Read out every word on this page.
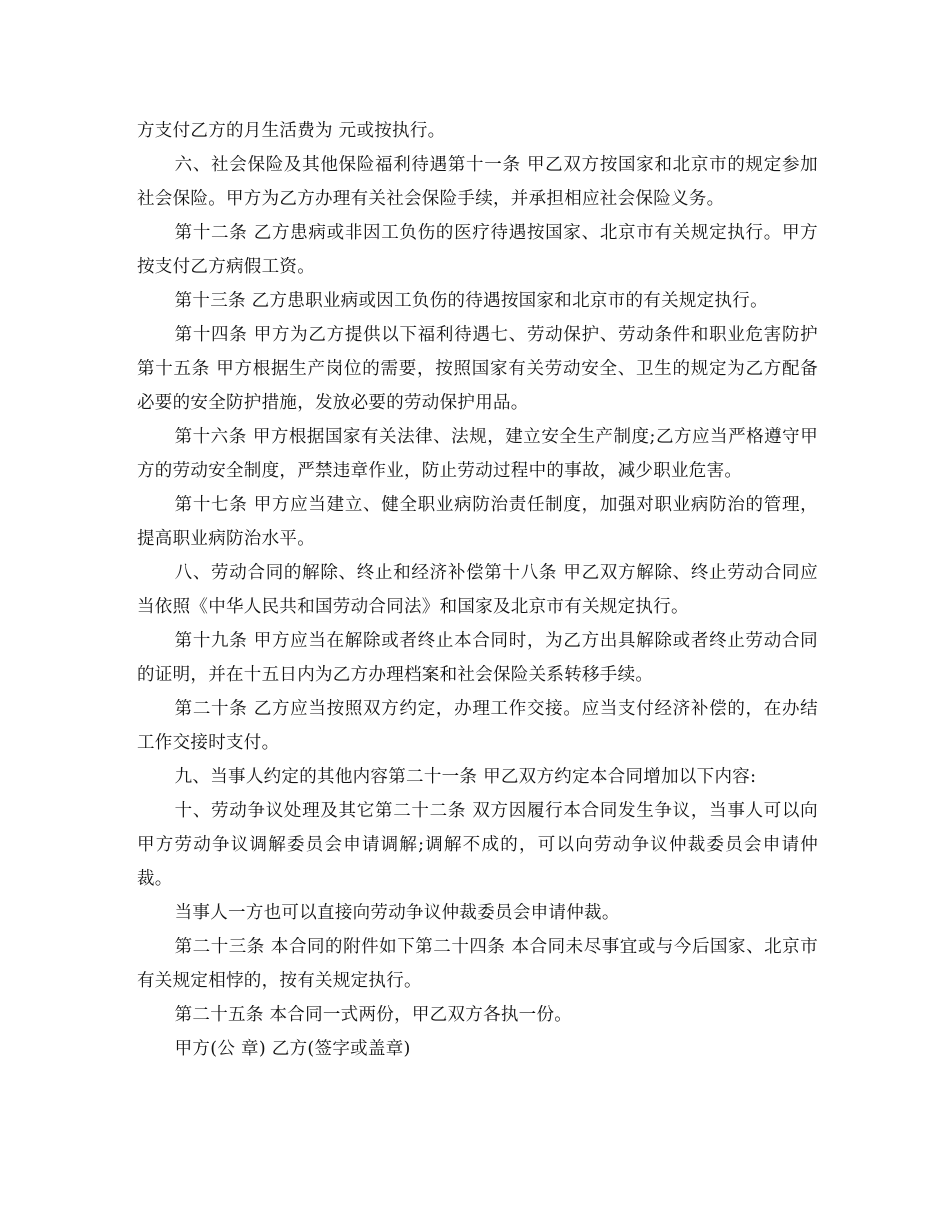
方支付乙方的月生活费为 元或按执行。

六、社会保险及其他保险福利待遇第十一条 甲乙双方按国家和北京市的规定参加社会保险。甲方为乙方办理有关社会保险手续，并承担相应社会保险义务。

第十二条 乙方患病或非因工负伤的医疗待遇按国家、北京市有关规定执行。甲方按支付乙方病假工资。

第十三条 乙方患职业病或因工负伤的待遇按国家和北京市的有关规定执行。

第十四条 甲方为乙方提供以下福利待遇七、劳动保护、劳动条件和职业危害防护第十五条 甲方根据生产岗位的需要，按照国家有关劳动安全、卫生的规定为乙方配备必要的安全防护措施，发放必要的劳动保护用品。

第十六条 甲方根据国家有关法律、法规，建立安全生产制度;乙方应当严格遵守甲方的劳动安全制度，严禁违章作业，防止劳动过程中的事故，减少职业危害。

第十七条 甲方应当建立、健全职业病防治责任制度，加强对职业病防治的管理，提高职业病防治水平。

八、劳动合同的解除、终止和经济补偿第十八条 甲乙双方解除、终止劳动合同应当依照《中华人民共和国劳动合同法》和国家及北京市有关规定执行。

第十九条 甲方应当在解除或者终止本合同时，为乙方出具解除或者终止劳动合同的证明，并在十五日内为乙方办理档案和社会保险关系转移手续。

第二十条 乙方应当按照双方约定，办理工作交接。应当支付经济补偿的，在办结工作交接时支付。

九、当事人约定的其他内容第二十一条 甲乙双方约定本合同增加以下内容:

十、劳动争议处理及其它第二十二条 双方因履行本合同发生争议，当事人可以向甲方劳动争议调解委员会申请调解;调解不成的，可以向劳动争议仲裁委员会申请仲裁。

当事人一方也可以直接向劳动争议仲裁委员会申请仲裁。

第二十三条 本合同的附件如下第二十四条 本合同未尽事宜或与今后国家、北京市有关规定相悖的，按有关规定执行。

第二十五条 本合同一式两份，甲乙双方各执一份。

甲方(公 章) 乙方(签字或盖章)
